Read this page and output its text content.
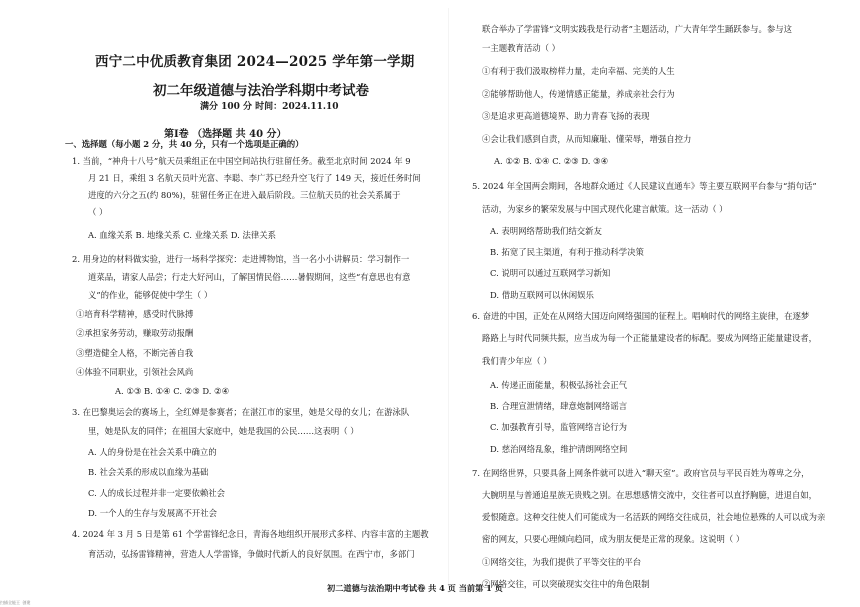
西宁二中优质教育集团 2024—2025 学年第一学期
初二年级道德与法治学科期中考试卷
满分 100 分 时间：2024.11.10
第Ⅰ卷 （选择题 共 40 分）
一、选择题（每小题 2 分，共 40 分，只有一个选项是正确的）
1. 当前，“神舟十八号”航天员乘组正在中国空间站执行驻留任务。截至北京时间 2024 年 9
月 21 日，乘组 3 名航天员叶光富、李聪、李广苏已经升空飞行了 149 天，接近任务时间
进度的六分之五(约 80%)，驻留任务正在进入最后阶段。三位航天员的社会关系属于
（ ）
A. 血缘关系 B. 地缘关系 C. 业缘关系 D. 法律关系
2. 用身边的材料做实验，进行一场科学探究：走进博物馆，当一名小小讲解员：学习制作一
道菜品，请家人品尝；行走大好河山，了解国情民俗……暑假期间，这些“有意思也有意
义”的作业，能够促使中学生（ ）
①培育科学精神，感受时代脉搏
②承担家务劳动，赚取劳动报酬
③塑造健全人格，不断完善自我
④体验不同职业，引领社会风尚
A. ①③ B. ①④ C. ②③ D. ②④
3. 在巴黎奥运会的赛场上，全红婵是参赛者；在湛江市的家里，她是父母的女儿；在游泳队
里，她是队友的同伴；在祖国大家庭中，她是我国的公民……这表明（ ）
A. 人的身份是在社会关系中确立的
B. 社会关系的形成以血缘为基础
C. 人的成长过程并非一定要依赖社会
D. 一个人的生存与发展离不开社会
4. 2024 年 3 月 5 日是第 61 个学雷锋纪念日，青海各地组织开展形式多样、内容丰富的主题教
育活动，弘扬雷锋精神，营造人人学雷锋，争做时代新人的良好氛围。在西宁市，多部门
联合举办了学雷锋“文明实践我是行动者”主题活动，广大青年学生踊跃参与。参与这
一主题教育活动（ ）
①有利于我们汲取榜样力量，走向幸福、完美的人生
②能够帮助他人，传递情感正能量，养成亲社会行为
③是追求更高道德境界、助力青春飞扬的表现
④会让我们感到自责，从而知廉耻、懂荣辱，增强自控力
A. ①② B. ①④ C. ②③ D. ③④
5. 2024 年全国两会期间，各地群众通过《人民建议直通车》等主要互联网平台参与“捎句话”
活动，为家乡的繁荣发展与中国式现代化建言献策。这一活动（ ）
A. 表明网络帮助我们结交新友
B. 拓宽了民主渠道，有利于推动科学决策
C. 说明可以通过互联网学习新知
D. 借助互联网可以休闲娱乐
6. 奋进的中国，正处在从网络大国迈向网络强国的征程上。唱响时代的网络主旋律，在逐梦
路路上与时代同频共振，应当成为每一个正能量建设者的标配。要成为网络正能量建设者，
我们青少年应（ ）
A. 传递正面能量，积极弘扬社会正气
B. 合理宣泄情绪，肆意炮制网络谣言
C. 加强教育引导，监管网络言论行为
D. 慈治网络乱象，维护清朗网络空间
7. 在网络世界，只要具备上网条件就可以进入“聊天室”。政府官员与平民百姓为尊卑之分，
大腕明星与普通追星族无贵贱之别。在思想感情交流中，交往者可以直抒胸臆，进退自如，
爱恨随意。这种交往使人们可能成为一名活跃的网络交往成员，社会地位悬殊的人可以成为亲
密的网友，只要心理倾向趋同，成为朋友便是正常的现象。这说明（ ）
①网络交往，为我们提供了平等交往的平台
②网络交往，可以突破现实交往中的角色限制
初二道德与法治期中考试卷 共 4 页 当前第 1 页
扫描全能王 创建
